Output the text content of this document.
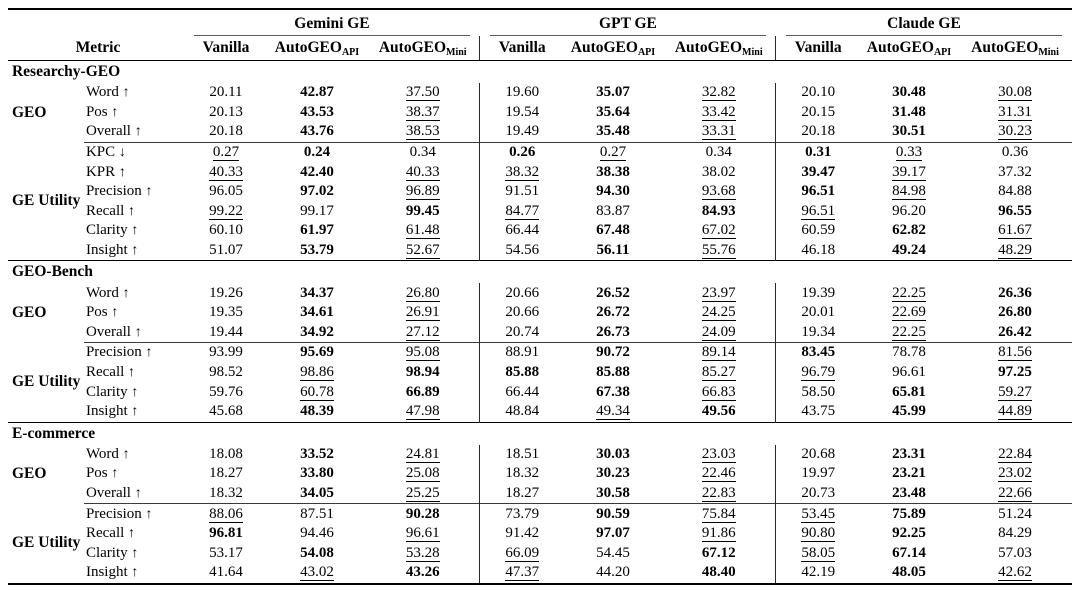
		Gemini GE			GPT GE			Claude GE		

Metric		Vanilla	AutoGEO$_{API}$	AutoGEO$_{Mini}$	Vanilla	AutoGEO$_{API}$	AutoGEO$_{Mini}$	Vanilla	AutoGEO$_{API}$	AutoGEO$_{Mini}$
Researchy-GEO										
GEO	Word ↑	20.11	42.87	37.50	19.60	35.07	32.82	20.10	30.48	30.08
	Pos ↑	20.13	43.53	38.37	19.54	35.64	33.42	20.15	31.48	31.31
	Overall ↑	20.18	43.76	38.53	19.49	35.48	33.31	20.18	30.51	30.23
GE Utility	KPC ↓	0.27	0.24	0.34	0.26	0.27	0.34	0.31	0.33	0.36
	KPR ↑	40.33	42.40	40.33	38.32	38.38	38.02	39.47	39.17	37.32
	Precision ↑	96.05	97.02	96.89	91.51	94.30	93.68	96.51	84.98	84.88
	Recall ↑	99.22	99.17	99.45	84.77	83.87	84.93	96.51	96.20	96.55
	Clarity ↑	60.10	61.97	61.48	66.44	67.48	67.02	60.59	62.82	61.67
	Insight ↑	51.07	53.79	52.67	54.56	56.11	55.76	46.18	49.24	48.29
GEO-Bench										
GEO	Word ↑	19.26	34.37	26.80	20.66	26.52	23.97	19.39	22.25	26.36
	Pos ↑	19.35	34.61	26.91	20.66	26.72	24.25	20.01	22.69	26.80
	Overall ↑	19.44	34.92	27.12	20.74	26.73	24.09	19.34	22.25	26.42
GE Utility	Precision ↑	93.99	95.69	95.08	88.91	90.72	89.14	83.45	78.78	81.56
	Recall ↑	98.52	98.86	98.94	85.88	85.88	85.27	96.79	96.61	97.25
	Clarity ↑	59.76	60.78	66.89	66.44	67.38	66.83	58.50	65.81	59.27
	Insight ↑	45.68	48.39	47.98	48.84	49.34	49.56	43.75	45.99	44.89
E-commerce										
GEO	Word ↑	18.08	33.52	24.81	18.51	30.03	23.03	20.68	23.31	22.84
	Pos ↑	18.27	33.80	25.08	18.32	30.23	22.46	19.97	23.21	23.02
	Overall ↑	18.32	34.05	25.25	18.27	30.58	22.83	20.73	23.48	22.66
GE Utility	Precision ↑	88.06	87.51	90.28	73.79	90.59	75.84	53.45	75.89	51.24
	Recall ↑	96.81	94.46	96.61	91.42	97.07	91.86	90.80	92.25	84.29
	Clarity ↑	53.17	54.08	53.28	66.09	54.45	67.12	58.05	67.14	57.03
	Insight ↑	41.64	43.02	43.26	47.37	44.20	48.40	42.19	48.05	42.62
